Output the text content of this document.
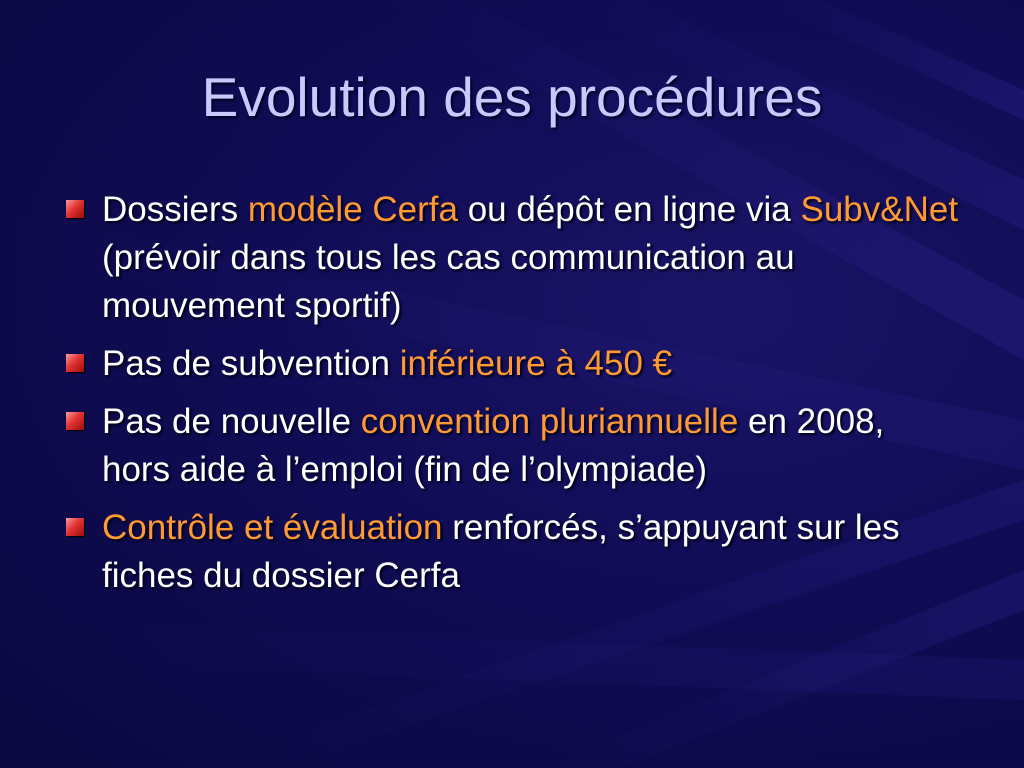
Evolution des procédures
Dossiers modèle Cerfa ou dépôt en ligne via Subv&Net (prévoir dans tous les cas communication au mouvement sportif)
Pas de subvention inférieure à 450 €
Pas de nouvelle convention pluriannuelle en 2008, hors aide à l’emploi (fin de l’olympiade)
Contrôle et évaluation renforcés, s’appuyant sur les fiches du dossier Cerfa
